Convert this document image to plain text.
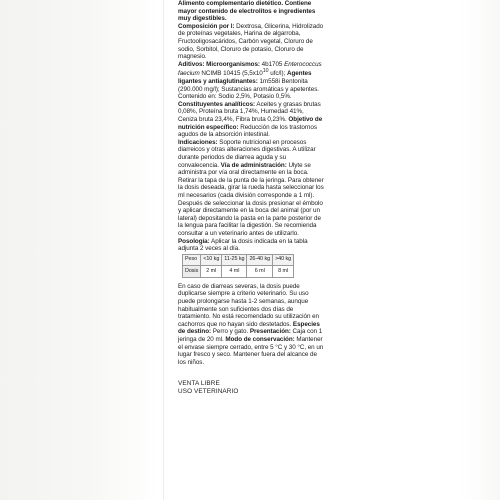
Alimento complementario dietético. Contiene mayor contenido de electrolitos e ingredientes muy digestibles.

Composición por l: Dextrosa, Glicerina, Hidrolizado de proteínas vegetales, Harina de algarroba, Fructooligosacáridos, Carbón vegetal, Cloruro de sodio, Sorbitol, Cloruro de potasio, Cloruro de magnesio.

Aditivos: Microorganismos: 4b1705 Enterococcus faecium NCIMB 10415 ($5,5x10^{10}$ ufc/l); Agentes ligantes y antiaglutinantes: 1m558i Bentonita (290.000 mg/l); Sustancias aromáticas y apetentes. Contenido en: Sodio 2,5%, Potasio 0,5%. Constituyentes analíticos: Aceites y grasas brutas 0,08%, Proteína bruta 1,74%, Humedad 41%, Ceniza bruta 23,4%, Fibra bruta 0,23%. Objetivo de nutrición específico: Reducción de los trastornos agudos de la absorción intestinal.

Indicaciones: Soporte nutricional en procesos diarreicos y otras alteraciones digestivas. A utilizar durante periodos de diarrea aguda y su convalecencia. Vía de administración: Ulyte se administra por vía oral directamente en la boca. Retirar la tapa de la punta de la jeringa. Para obtener la dosis deseada, girar la rueda hasta seleccionar los ml necesarios (cada división corresponde a 1 ml). Después de seleccionar la dosis presionar el émbolo y aplicar directamente en la boca del animal (por un lateral) depositando la pasta en la parte posterior de la lengua para facilitar la digestión. Se recomienda consultar a un veterinario antes de utilizarlo. Posología: Aplicar la dosis indicada en la tabla adjunta 2 veces al día.

Peso	<10 kg	11-25 kg	26-40 kg	>40 kg
Dosis	2 ml	4 ml	6 ml	8 ml

En caso de diarreas severas, la dosis puede duplicarse siempre a criterio veterinario. Su uso puede prolongarse hasta 1-2 semanas, aunque habitualmente son suficientes dos días de tratamiento. No está recomendado su utilización en cachorros que no hayan sido destetados. Especies de destino: Perro y gato. Presentación: Caja con 1 jeringa de 20 ml. Modo de conservación: Mantener el envase siempre cerrado, entre 5 °C y 30 °C, en un lugar fresco y seco. Mantener fuera del alcance de los niños.

VENTA LIBRE
USO VETERINARIO
